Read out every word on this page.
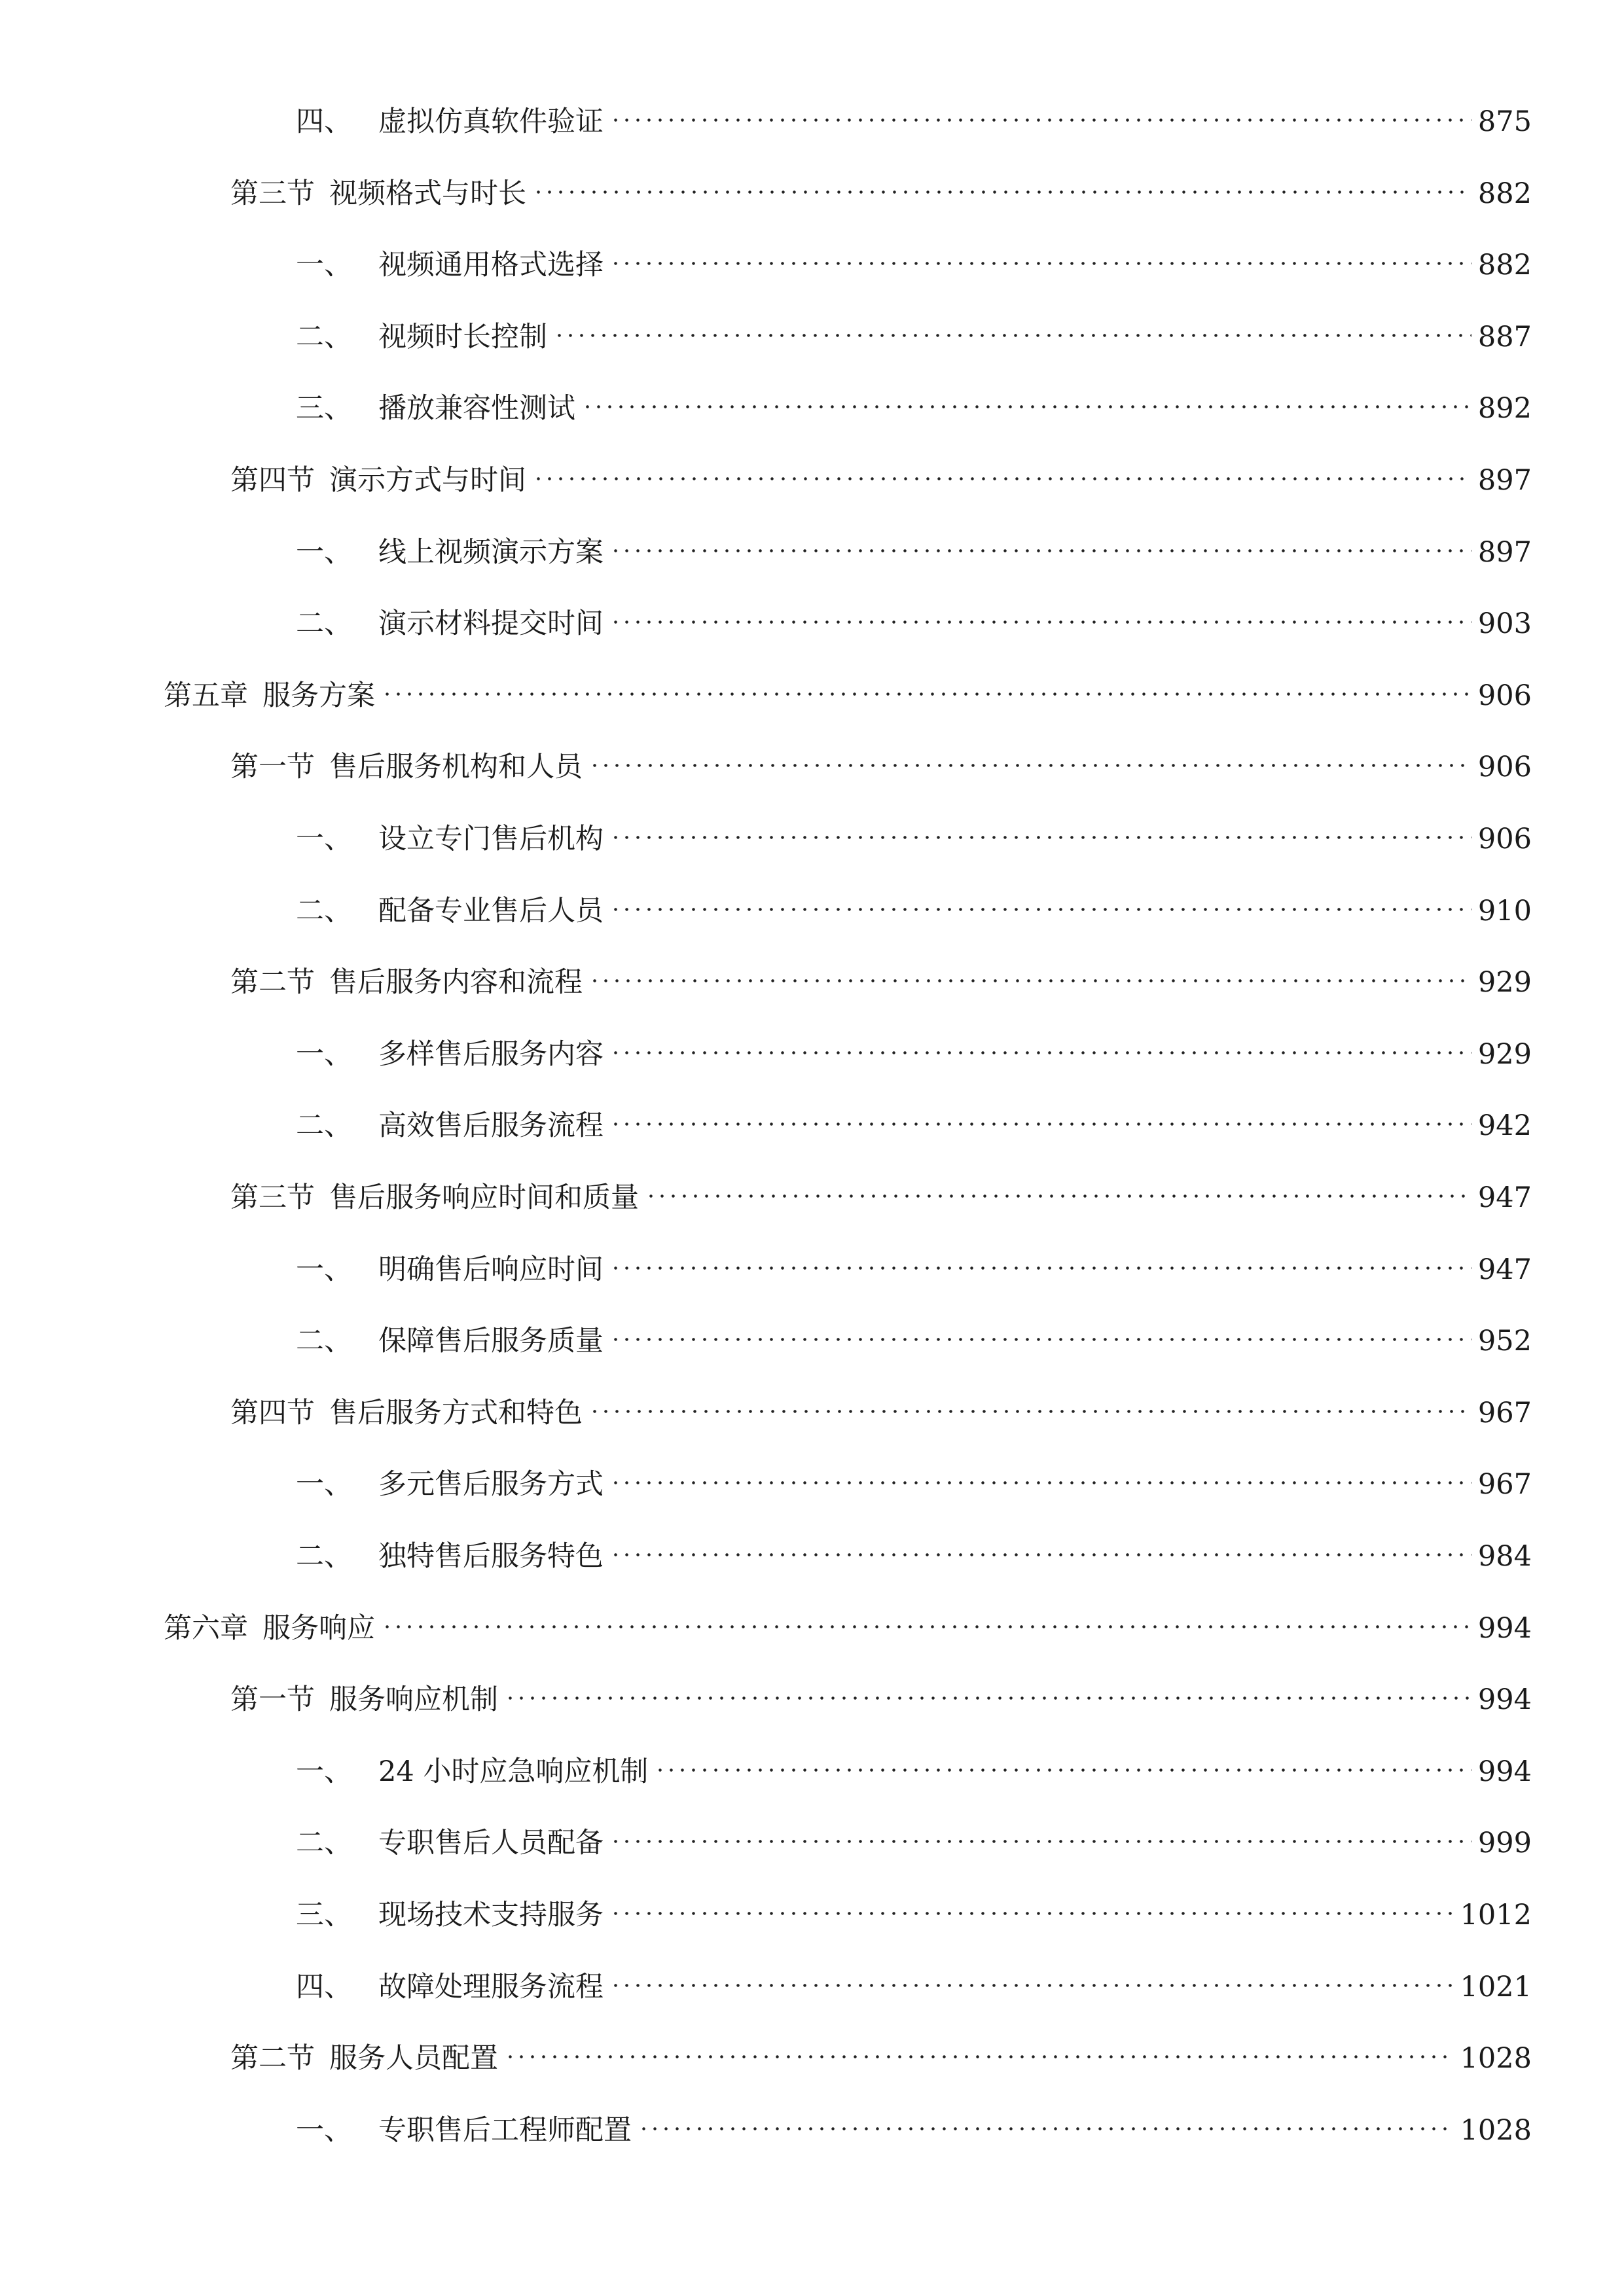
四、 虚拟仿真软件验证	875
第三节 视频格式与时长	882
一、 视频通用格式选择	882
二、 视频时长控制	887
三、 播放兼容性测试	892
第四节 演示方式与时间	897
一、 线上视频演示方案	897
二、 演示材料提交时间	903
第五章 服务方案	906
第一节 售后服务机构和人员	906
一、 设立专门售后机构	906
二、 配备专业售后人员	910
第二节 售后服务内容和流程	929
一、 多样售后服务内容	929
二、 高效售后服务流程	942
第三节 售后服务响应时间和质量	947
一、 明确售后响应时间	947
二、 保障售后服务质量	952
第四节 售后服务方式和特色	967
一、 多元售后服务方式	967
二、 独特售后服务特色	984
第六章 服务响应	994
第一节 服务响应机制	994
一、 24 小时应急响应机制	994
二、 专职售后人员配备	999
三、 现场技术支持服务	1012
四、 故障处理服务流程	1021
第二节 服务人员配置	1028
一、 专职售后工程师配置	1028
